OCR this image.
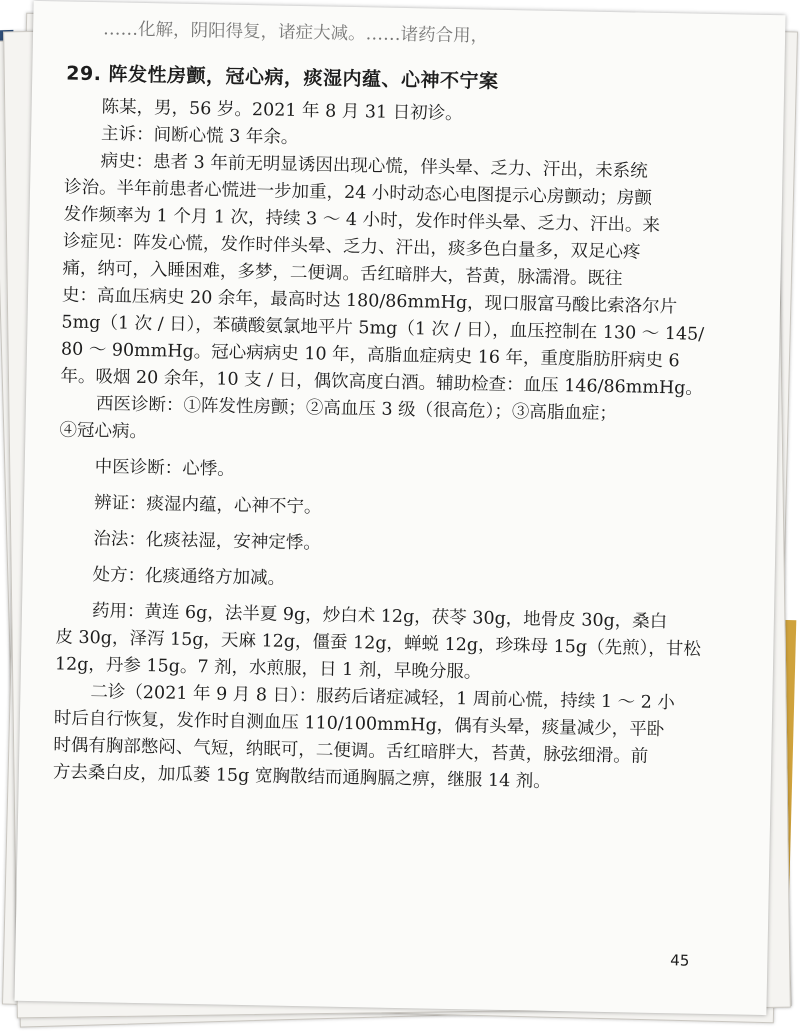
……化解，阴阳得复，诸症大减。……诸药合用，
29. 阵发性房颤，冠心病，痰湿内蕴、心神不宁案
陈某，男，56 岁。2021 年 8 月 31 日初诊。
主诉：间断心慌 3 年余。
病史：患者 3 年前无明显诱因出现心慌，伴头晕、乏力、汗出，未系统
诊治。半年前患者心慌进一步加重，24 小时动态心电图提示心房颤动；房颤
发作频率为 1 个月 1 次，持续 3 ～ 4 小时，发作时伴头晕、乏力、汗出。来
诊症见：阵发心慌，发作时伴头晕、乏力、汗出，痰多色白量多，双足心疼
痛，纳可，入睡困难，多梦，二便调。舌红暗胖大，苔黄，脉濡滑。既往
史：高血压病史 20 余年，最高时达 180/86mmHg，现口服富马酸比索洛尔片
5mg（1 次 / 日），苯磺酸氨氯地平片 5mg（1 次 / 日），血压控制在 130 ～ 145/
80 ～ 90mmHg。冠心病病史 10 年，高脂血症病史 16 年，重度脂肪肝病史 6
年。吸烟 20 余年，10 支 / 日，偶饮高度白酒。辅助检查：血压 146/86mmHg。
西医诊断：①阵发性房颤；②高血压 3 级（很高危）；③高脂血症；
④冠心病。
中医诊断：心悸。
辨证：痰湿内蕴，心神不宁。
治法：化痰祛湿，安神定悸。
处方：化痰通络方加减。
药用：黄连 6g，法半夏 9g，炒白术 12g，茯苓 30g，地骨皮 30g，桑白
皮 30g，泽泻 15g，天麻 12g，僵蚕 12g，蝉蜕 12g，珍珠母 15g（先煎），甘松
12g，丹参 15g。7 剂，水煎服，日 1 剂，早晚分服。
二诊（2021 年 9 月 8 日）：服药后诸症减轻，1 周前心慌，持续 1 ～ 2 小
时后自行恢复，发作时自测血压 110/100mmHg，偶有头晕，痰量减少，平卧
时偶有胸部憋闷、气短，纳眠可，二便调。舌红暗胖大，苔黄，脉弦细滑。前
方去桑白皮，加瓜蒌 15g 宽胸散结而通胸膈之痹，继服 14 剂。
45
